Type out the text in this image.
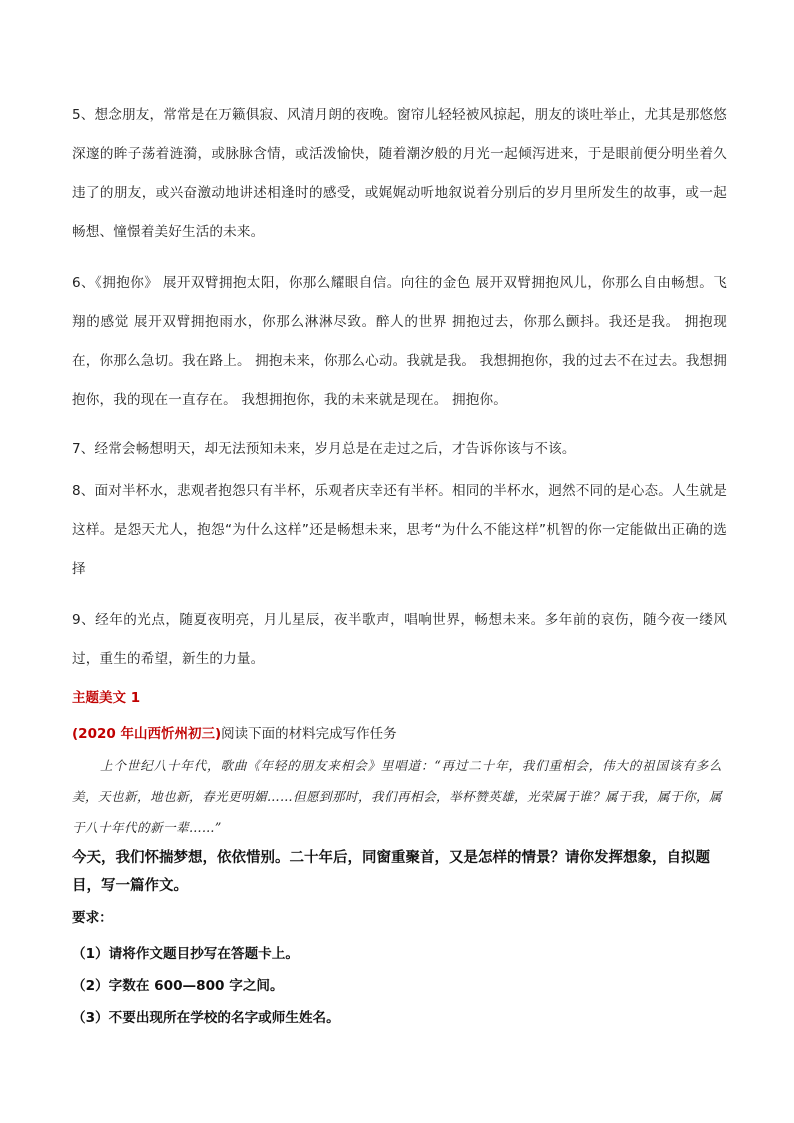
5、想念朋友，常常是在万籁俱寂、风清月朗的夜晚。窗帘儿轻轻被风掠起，朋友的谈吐举止，尤其是那悠悠深邃的眸子荡着涟漪，或脉脉含情，或活泼愉快，随着潮汐般的月光一起倾泻进来，于是眼前便分明坐着久违了的朋友，或兴奋激动地讲述相逢时的感受，或娓娓动听地叙说着分别后的岁月里所发生的故事，或一起畅想、憧憬着美好生活的未来。

6、《拥抱你》 展开双臂拥抱太阳，你那么耀眼自信。向往的金色 展开双臂拥抱风儿，你那么自由畅想。飞翔的感觉 展开双臂拥抱雨水，你那么淋淋尽致。醉人的世界 拥抱过去，你那么颤抖。我还是我。 拥抱现在，你那么急切。我在路上。 拥抱未来，你那么心动。我就是我。 我想拥抱你，我的过去不在过去。我想拥抱你，我的现在一直存在。 我想拥抱你，我的未来就是现在。 拥抱你。

7、经常会畅想明天，却无法预知未来，岁月总是在走过之后，才告诉你该与不该。

8、面对半杯水，悲观者抱怨只有半杯，乐观者庆幸还有半杯。相同的半杯水，迥然不同的是心态。人生就是这样。是怨天尤人，抱怨“为什么这样”还是畅想未来，思考“为什么不能这样”机智的你一定能做出正确的选择

9、经年的光点，随夏夜明亮，月儿星辰，夜半歌声，唱响世界，畅想未来。多年前的哀伤，随今夜一缕风过，重生的希望，新生的力量。

主题美文 1

(2020 年山西忻州初三)阅读下面的材料完成写作任务

上个世纪八十年代，歌曲《年轻的朋友来相会》里唱道：“再过二十年，我们重相会，伟大的祖国该有多么美，天也新，地也新，春光更明媚……但愿到那时，我们再相会，举杯赞英雄，光荣属于谁？属于我，属于你，属于八十年代的新一辈……”

今天，我们怀揣梦想，依依惜别。二十年后，同窗重聚首，又是怎样的情景？请你发挥想象，自拟题目，写一篇作文。

要求：

（1）请将作文题目抄写在答题卡上。

（2）字数在 600—800 字之间。

（3）不要出现所在学校的名字或师生姓名。
